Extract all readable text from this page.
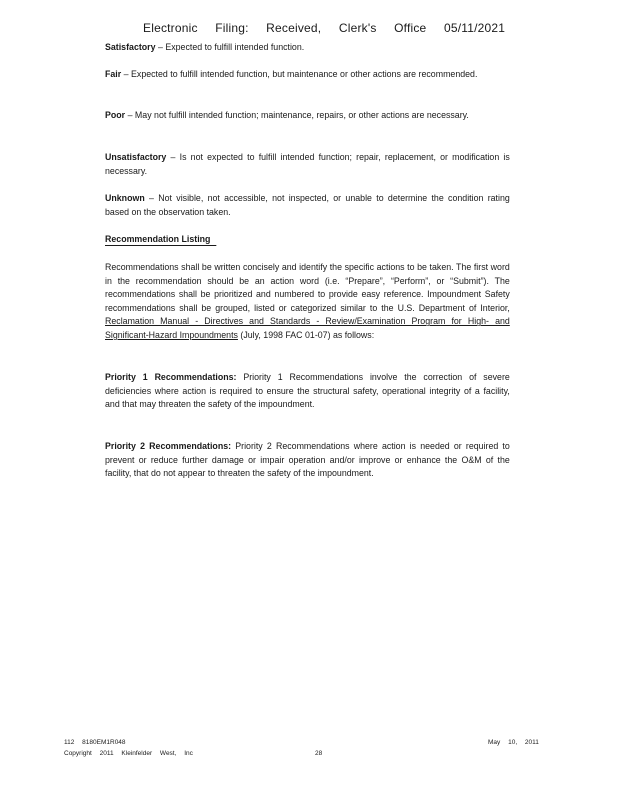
Electronic Filing: Received, Clerk's Office 05/11/2021
Satisfactory – Expected to fulfill intended function.
Fair – Expected to fulfill intended function, but maintenance or other actions are recommended.
Poor – May not fulfill intended function; maintenance, repairs, or other actions are necessary.
Unsatisfactory – Is not expected to fulfill intended function; repair, replacement, or modification is necessary.
Unknown – Not visible, not accessible, not inspected, or unable to determine the condition rating based on the observation taken.
Recommendation Listing
Recommendations shall be written concisely and identify the specific actions to be taken. The first word in the recommendation should be an action word (i.e. “Prepare”, “Perform”, or “Submit”). The recommendations shall be prioritized and numbered to provide easy reference. Impoundment Safety recommendations shall be grouped, listed or categorized similar to the U.S. Department of Interior, Reclamation Manual - Directives and Standards - Review/Examination Program for High- and Significant-Hazard Impoundments (July, 1998 FAC 01-07) as follows:
Priority 1 Recommendations: Priority 1 Recommendations involve the correction of severe deficiencies where action is required to ensure the structural safety, operational integrity of a facility, and that may threaten the safety of the impoundment.
Priority 2 Recommendations: Priority 2 Recommendations where action is needed or required to prevent or reduce further damage or impair operation and/or improve or enhance the O&M of the facility, that do not appear to threaten the safety of the impoundment.
112 8180EM1R048
Copyright 2011 Kleinfelder West, Inc	28
May 10, 2011
